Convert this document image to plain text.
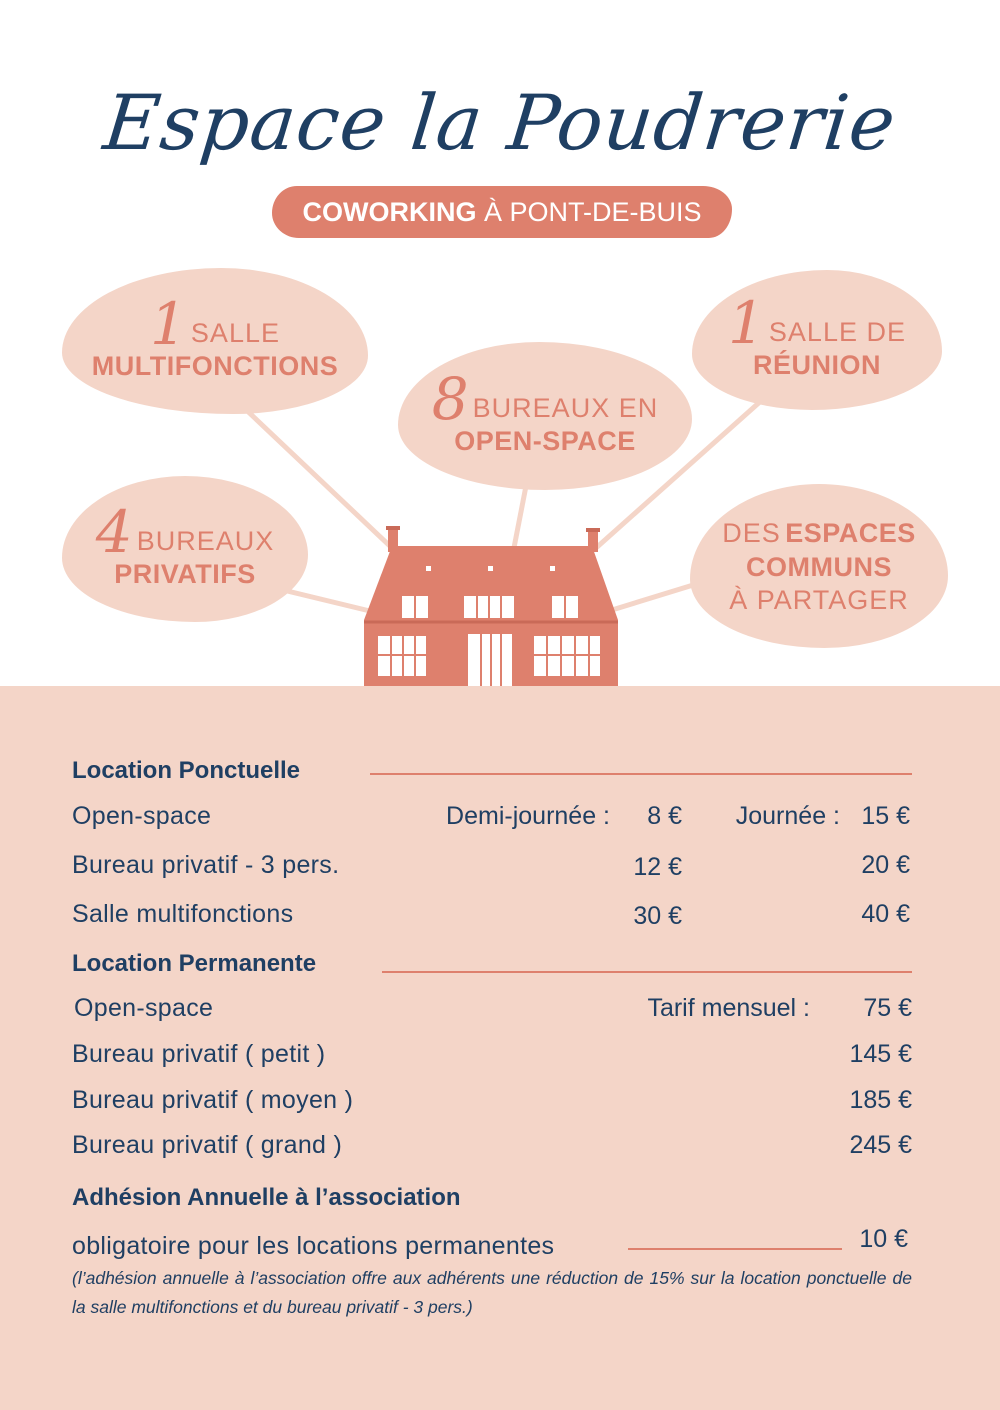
Espace la Poudrerie
COWORKING À PONT-DE-BUIS
1 SALLE
MULTIFONCTIONS 8 BUREAUX EN
OPEN-SPACE
1 SALLE DE
RÉUNION
4 BUREAUX
PRIVATIFS
DES ESPACES
COMMUNS
À PARTAGER
Location Ponctuelle
Open-space	Demi-journée :	8 €	Journée : 15 €
Bureau privatif - 3 pers.	12 €	20 €
Salle multifonctions	30 €	40 €
Location Permanente
Open-space	Tarif mensuel :	75 €
Bureau privatif ( petit )	145 €
Bureau privatif ( moyen )	185 €
Bureau privatif ( grand )	245 €
Adhésion Annuelle à l’association
obligatoire pour les locations permanentes	10 €
(l’adhésion annuelle à l’association offre aux adhérents une réduction de 15% sur la location ponctuelle de la salle multifonctions et du bureau privatif - 3 pers.)
